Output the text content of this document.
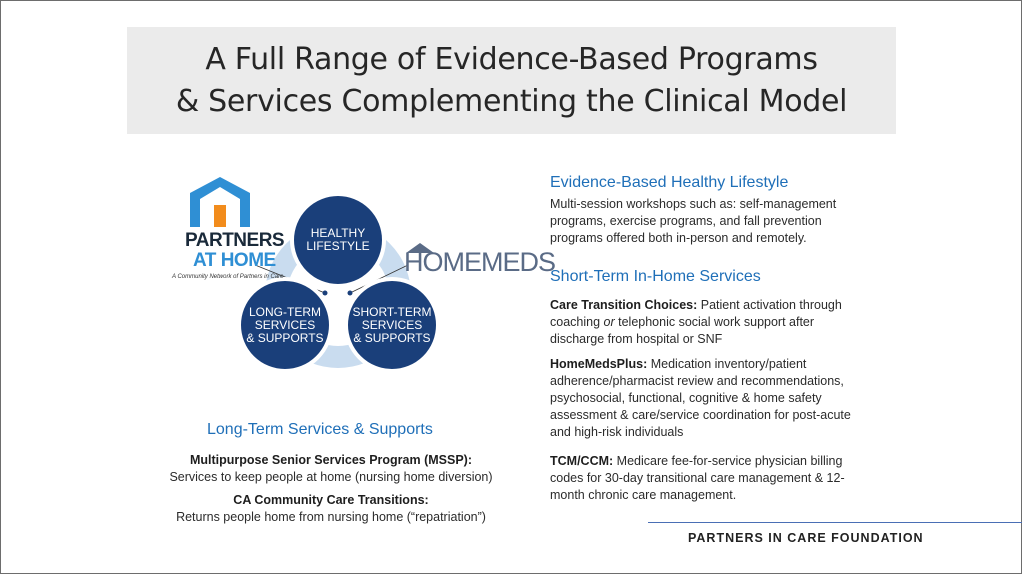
A Full Range of Evidence-Based Programs
& Services Complementing the Clinical Model
HEALTHY
LIFESTYLE
LONG-TERM
SERVICES
& SUPPORTS
SHORT-TERM
SERVICES
& SUPPORTS
PARTNERS
AT HOME
A Community Network of Partners in Care	HOMEMEDS
Long-Term Services & Supports
Multipurpose Senior Services Program (MSSP):
Services to keep people at home (nursing home diversion)
CA Community Care Transitions:
Returns people home from nursing home (“repatriation”)
Evidence-Based Healthy Lifestyle
Multi-session workshops such as: self-management programs, exercise programs, and fall prevention programs offered both in-person and remotely.
Short-Term In-Home Services
Care Transition Choices: Patient activation through coaching or telephonic social work support after discharge from hospital or SNF
HomeMedsPlus: Medication inventory/patient adherence/pharmacist review and recommendations, psychosocial, functional, cognitive & home safety assessment & care/service coordination for post-acute and high-risk individuals
TCM/CCM: Medicare fee-for-service physician billing codes for 30-day transitional care management & 12-month chronic care management.
PARTNERS IN CARE FOUNDATION
